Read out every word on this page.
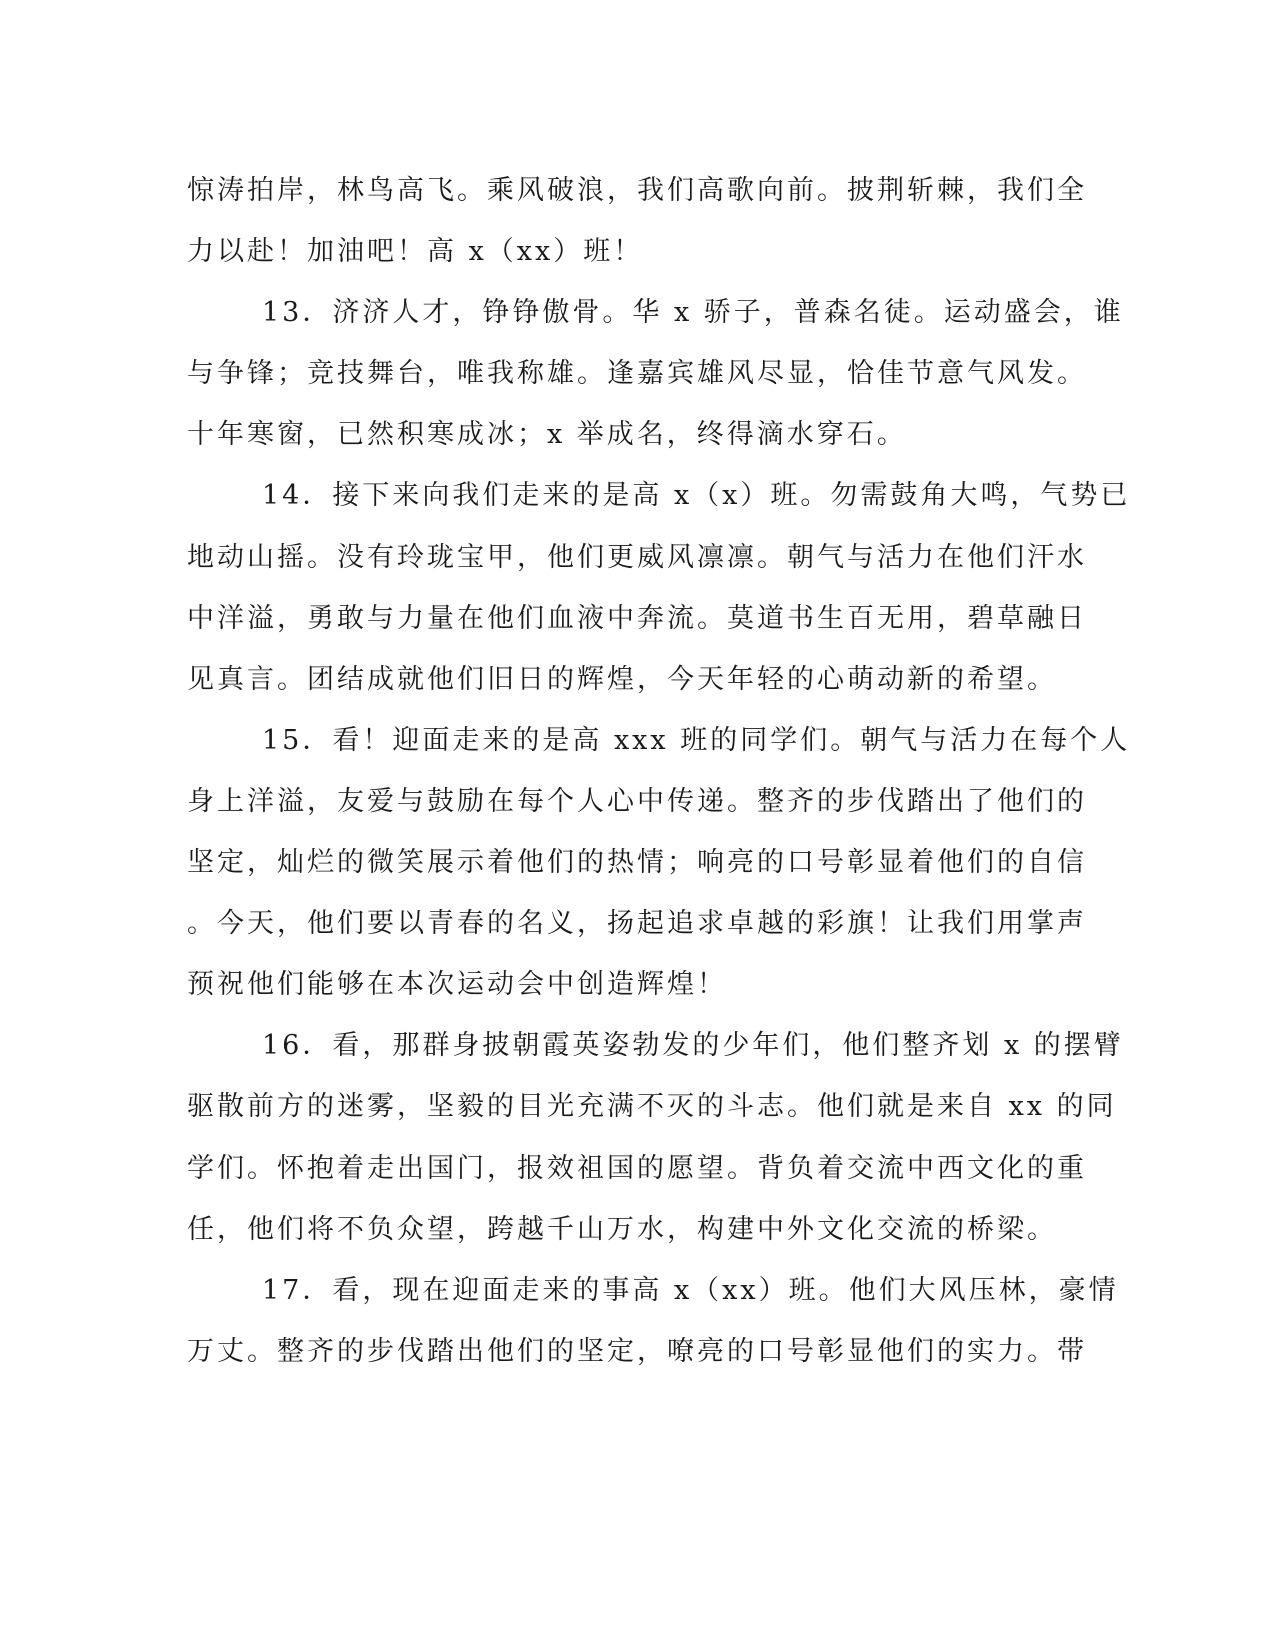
惊涛拍岸，林鸟高飞。乘风破浪，我们高歌向前。披荆斩棘，我们全
力以赴！加油吧！高 x（xx）班！
13．济济人才，铮铮傲骨。华 x 骄子，普森名徒。运动盛会，谁
与争锋；竞技舞台，唯我称雄。逢嘉宾雄风尽显，恰佳节意气风发。
十年寒窗，已然积寒成冰；x 举成名，终得滴水穿石。
14．接下来向我们走来的是高 x（x）班。勿需鼓角大鸣，气势已
地动山摇。没有玲珑宝甲，他们更威风凛凛。朝气与活力在他们汗水
中洋溢，勇敢与力量在他们血液中奔流。莫道书生百无用，碧草融日
见真言。团结成就他们旧日的辉煌，今天年轻的心萌动新的希望。
15．看！迎面走来的是高 xxx 班的同学们。朝气与活力在每个人
身上洋溢，友爱与鼓励在每个人心中传递。整齐的步伐踏出了他们的
坚定，灿烂的微笑展示着他们的热情；响亮的口号彰显着他们的自信
。今天，他们要以青春的名义，扬起追求卓越的彩旗！让我们用掌声
预祝他们能够在本次运动会中创造辉煌！
16．看，那群身披朝霞英姿勃发的少年们，他们整齐划 x 的摆臂
驱散前方的迷雾，坚毅的目光充满不灭的斗志。他们就是来自 xx 的同
学们。怀抱着走出国门，报效祖国的愿望。背负着交流中西文化的重
任，他们将不负众望，跨越千山万水，构建中外文化交流的桥梁。
17．看，现在迎面走来的事高 x（xx）班。他们大风压林，豪情
万丈。整齐的步伐踏出他们的坚定，嘹亮的口号彰显他们的实力。带
